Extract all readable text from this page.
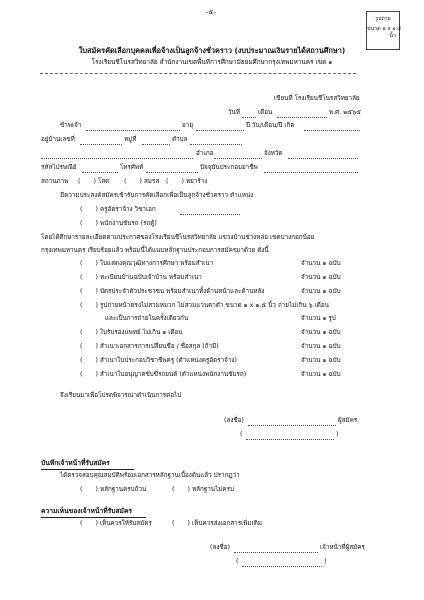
-๕-
รูปถ่าย
ขนาด ๑ x ๑.๕
นิ้ว
ใบสมัครคัดเลือกบุคคลเพื่อจ้างเป็นลูกจ้างชั่วคราว (งบประมาณเงินรายได้สถานศึกษา)
โรงเรียนชีโนรสวิทยาลัย สำนักงานเขตพื้นที่การศึกษามัธยมศึกษากรุงเทพมหานคร เขต ๑
เขียนที่ โรงเรียนชีโนรสวิทยาลัย
วันที่	เดือน	พ.ศ. ๒๕๖๕
ข้าพเจ้า	อายุ	ปี วัน/เดือน/ปี เกิด
อยู่บ้านเลขที่	หมู่ที่	ตำบล
อำเภอ	จังหวัด
รหัสไปรษณีย์	โทรศัพท์	ปัจจุบันประกอบอาชีพ
สถานภาพ ( ) โสด ( ) สมรส ( ) หย่าร้าง
มีความประสงค์สมัครเข้ารับการคัดเลือกเพื่อเป็นลูกจ้างชั่วคราว ตำแหน่ง
( ) ครูอัตราจ้าง วิชาเอก
( ) พนักงานขับรถ (รถตู้)
โดยได้ศึกษารายละเอียดตามประกาศของโรงเรียนชีโนรสวิทยาลัย แขวงบ้านช่างหล่อ เขตบางกอกน้อย
กรุงเทพมหานคร เรียบร้อยแล้ว พร้อมนี้ได้แนบหลักฐานประกอบการสมัครมาด้วย ดังนี้
( ) ใบแสดงคุณวุฒิทางการศึกษา พร้อมสำเนา	จำนวน ๑ ฉบับ
( ) ทะเบียนบ้านฉบับเจ้าบ้าน พร้อมสำเนา	จำนวน ๑ ฉบับ
( ) บัตรประจำตัวประชาชน พร้อมสำเนาทั้งด้านหน้าและด้านหลัง	จำนวน ๑ ฉบับ
( ) รูปถ่ายหน้าตรงไม่สวมหมวก ไม่สวมแว่นตาดำ ขนาด ๑ x ๑.๕ นิ้ว ถ่ายไม่เกิน ๖ เดือน
และเป็นการถ่ายในครั้งเดียวกัน	จำนวน ๑ รูป
( ) ใบรับรองแพทย์ ไม่เกิน ๑ เดือน	จำนวน ๑ ฉบับ
( ) สำเนาเอกสารการเปลี่ยนชื่อ / ชื่อสกุล (ถ้ามี)	จำนวน ๑ ฉบับ
( ) สำเนาใบประกอบวิชาชีพครู (ตำแหน่งครูอัตราจ้าง)	จำนวน ๑ ฉบับ
( ) สำเนาใบอนุญาตขับขี่รถยนต์ (ตำแหน่งพนักงานขับรถ)	จำนวน ๑ ฉบับ
จึงเรียนมาเพื่อโปรดพิจารณาดำเนินการต่อไป
(ลงชื่อ)	ผู้สมัคร
(	)
บันทึกเจ้าหน้าที่รับสมัคร
ได้ตรวจสอบคุณสมบัติพร้อมเอกสารหลักฐานเบื้องต้นแล้ว ปรากฏว่า
( ) หลักฐานครบถ้วน	( ) หลักฐานไม่ครบ
ความเห็นของเจ้าหน้าที่รับสมัคร
( ) เห็นควรให้รับสมัคร	( ) เห็นควรส่งเอกสารเพิ่มเติม
(ลงชื่อ)	เจ้าหน้าที่ผู้สมัคร
(	)
